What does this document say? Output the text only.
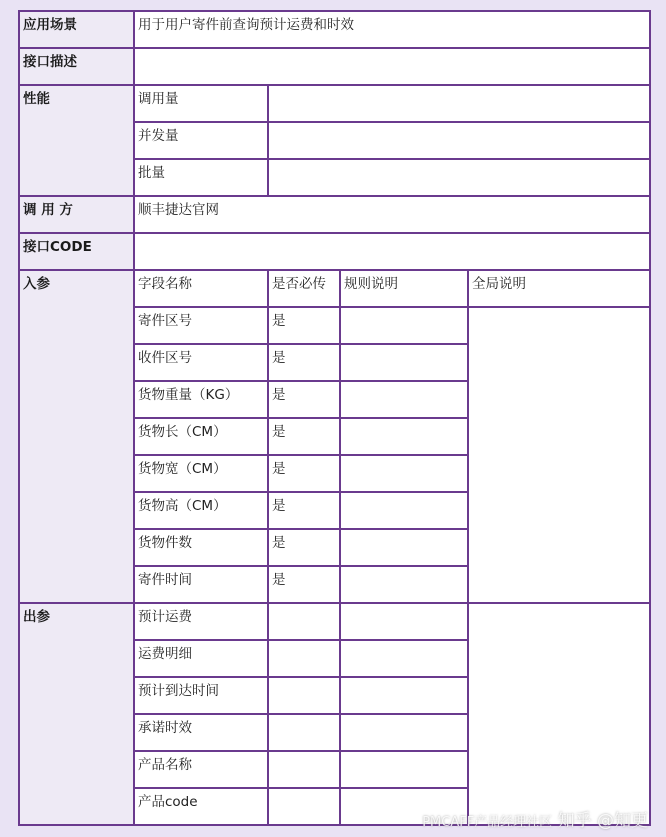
应用场景	用于用户寄件前查询预计运费和时效			
接口描述				
性能	调用量			
	并发量			
	批量			
调 用 方	顺丰捷达官网			
接口CODE				
入参	字段名称	是否必传	规则说明	全局说明
	寄件区号	是		
	收件区号	是		
	货物重量（KG）	是		
	货物长（CM）	是		
	货物宽（CM）	是		
	货物高（CM）	是		
	货物件数	是		
	寄件时间	是		
出参	预计运费			
	运费明细			
	预计到达时间			
	承诺时效			
	产品名称			
	产品code			
PMCAFF产品经理社区 知乎 @知更
